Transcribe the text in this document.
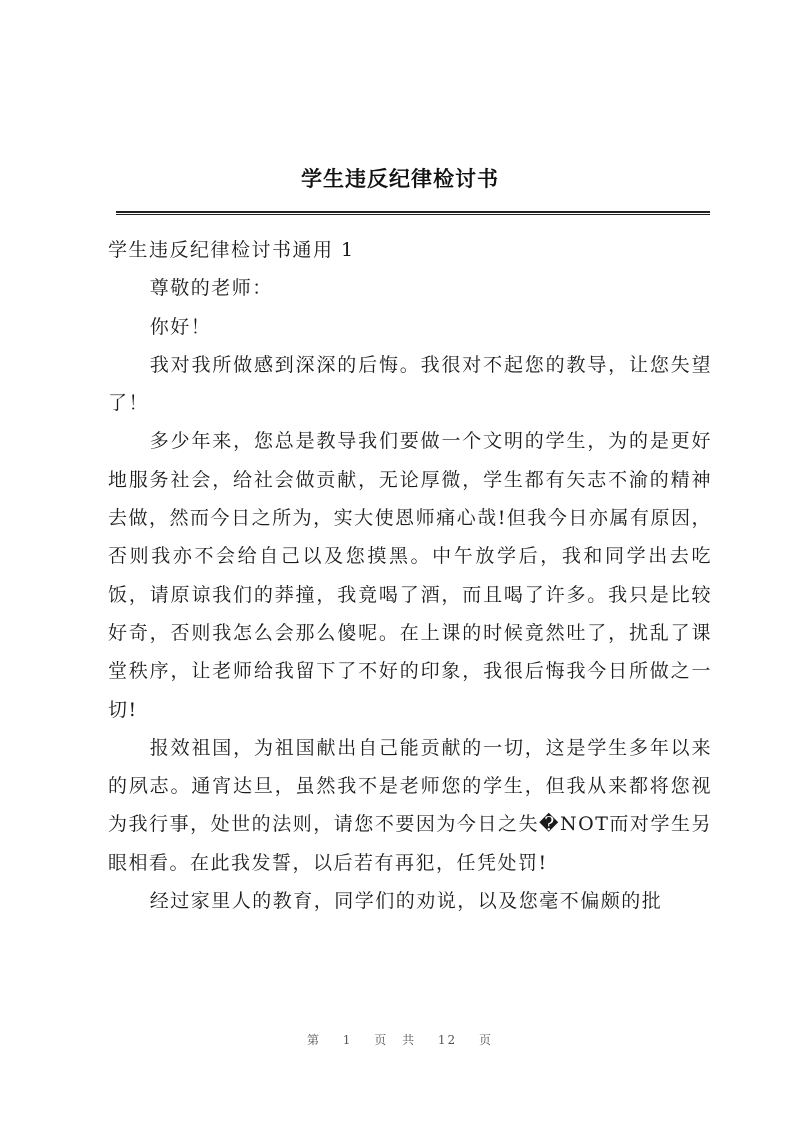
学生违反纪律检讨书

学生违反纪律检讨书通用 1

尊敬的老师：

你好！

我对我所做感到深深的后悔。我很对不起您的教导，让您失望了！

多少年来，您总是教导我们要做一个文明的学生，为的是更好地服务社会，给社会做贡献，无论厚微，学生都有矢志不渝的精神去做，然而今日之所为，实大使恩师痛心哉!但我今日亦属有原因，否则我亦不会给自己以及您摸黑。中午放学后，我和同学出去吃饭，请原谅我们的莽撞，我竟喝了酒，而且喝了许多。我只是比较好奇，否则我怎么会那么傻呢。在上课的时候竟然吐了，扰乱了课堂秩序，让老师给我留下了不好的印象，我很后悔我今日所做之一切!

报效祖国，为祖国献出自己能贡献的一切，这是学生多年以来的夙志。通宵达旦，虽然我不是老师您的学生，但我从来都将您视为我行事，处世的法则，请您不要因为今日之失�NOT而对学生另眼相看。在此我发誓，以后若有再犯，任凭处罚!

经过家里人的教育，同学们的劝说，以及您毫不偏颇的批

第 1 页 共 12 页
